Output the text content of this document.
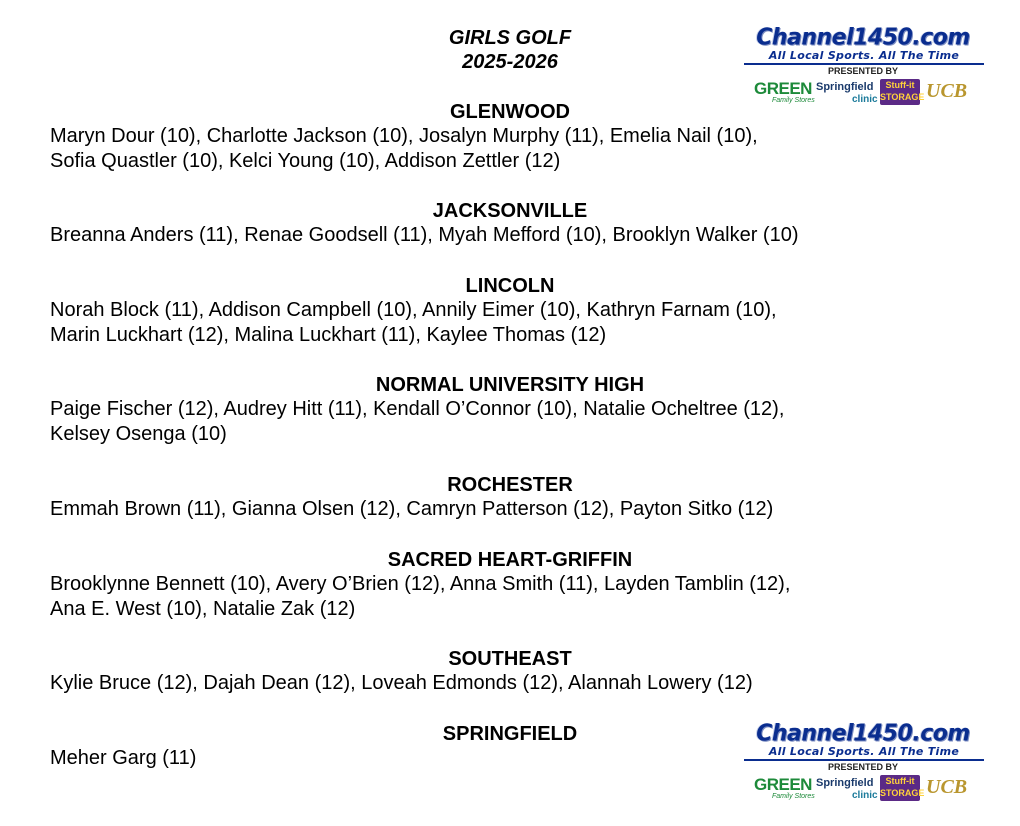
GIRLS GOLF
2025-2026
Channel1450.com
All Local Sports. All The Time
PRESENTED BY
GREEN
Family Stores
Springfield
clinic
Stuff-it STORAGE UCB
Channel1450.com
All Local Sports. All The Time
PRESENTED BY
GREEN
Family Stores
Springfield
clinic
Stuff-it STORAGE UCB
GLENWOOD
Maryn Dour (10), Charlotte Jackson (10), Josalyn Murphy (11), Emelia Nail (10),
Sofia Quastler (10), Kelci Young (10), Addison Zettler (12)
JACKSONVILLE
Breanna Anders (11), Renae Goodsell (11), Myah Mefford (10), Brooklyn Walker (10)
LINCOLN
Norah Block (11), Addison Campbell (10), Annily Eimer (10), Kathryn Farnam (10),
Marin Luckhart (12), Malina Luckhart (11), Kaylee Thomas (12)
NORMAL UNIVERSITY HIGH
Paige Fischer (12), Audrey Hitt (11), Kendall O’Connor (10), Natalie Ocheltree (12),
Kelsey Osenga (10)
ROCHESTER
Emmah Brown (11), Gianna Olsen (12), Camryn Patterson (12), Payton Sitko (12)
SACRED HEART-GRIFFIN
Brooklynne Bennett (10), Avery O’Brien (12), Anna Smith (11), Layden Tamblin (12),
Ana E. West (10), Natalie Zak (12)
SOUTHEAST
Kylie Bruce (12), Dajah Dean (12), Loveah Edmonds (12), Alannah Lowery (12)
SPRINGFIELD
Meher Garg (11)
